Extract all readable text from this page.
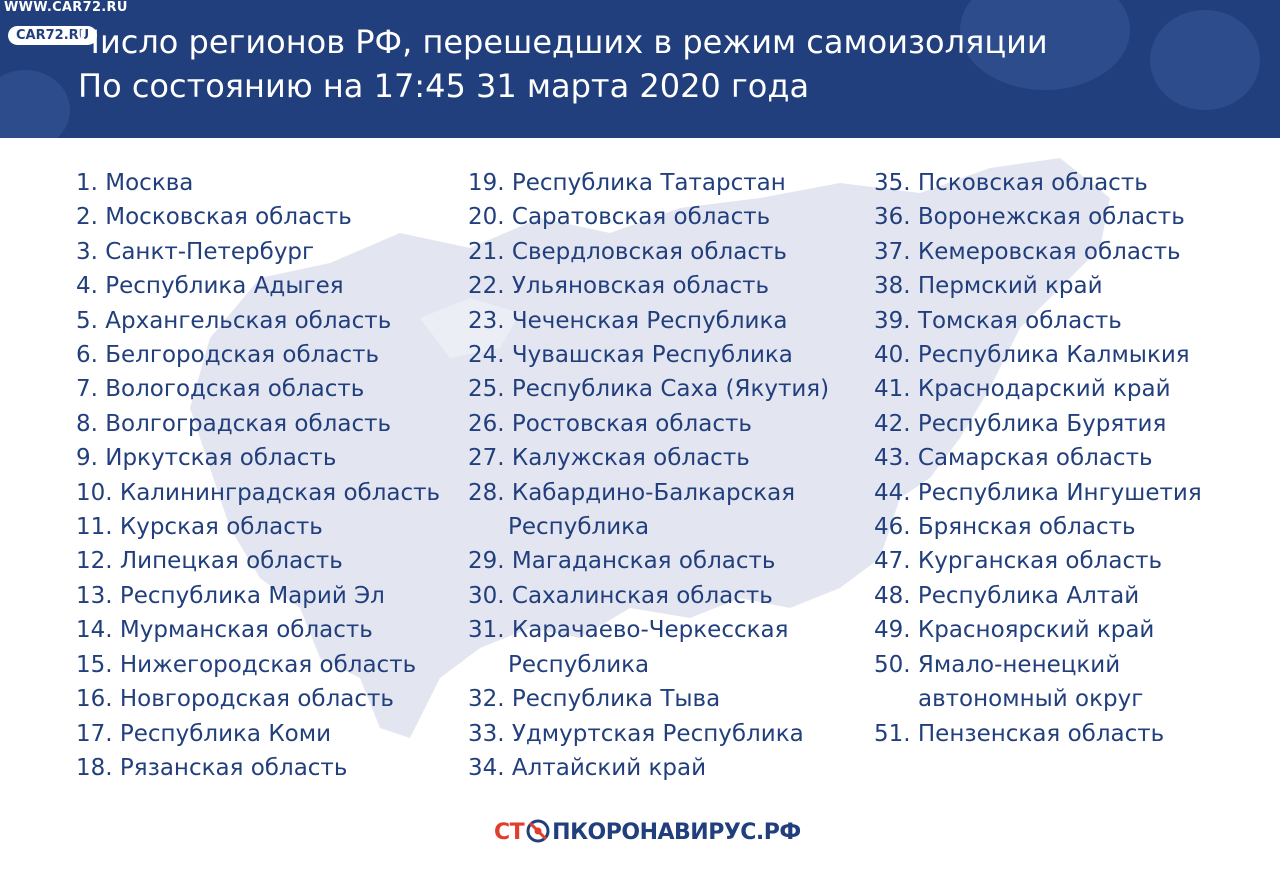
WWW.CAR72.RU
CAR72.RU
Число регионов РФ, перешедших в режим самоизоляции
По состоянию на 17:45 31 марта 2020 года
1. Москва
2. Московская область
3. Санкт-Петербург
4. Республика Адыгея
5. Архангельская область
6. Белгородская область
7. Вологодская область
8. Волгоградская область
9. Иркутская область
10. Калининградская область
11. Курская область
12. Липецкая область
13. Республика Марий Эл
14. Мурманская область
15. Нижегородская область
16. Новгородская область
17. Республика Коми
18. Рязанская область
19. Республика Татарстан
20. Саратовская область
21. Свердловская область
22. Ульяновская область
23. Чеченская Республика
24. Чувашская Республика
25. Республика Саха (Якутия)
26. Ростовская область
27. Калужская область
28. Кабардино-Балкарская
Республика
29. Магаданская область
30. Сахалинская область
31. Карачаево-Черкесская
Республика
32. Республика Тыва
33. Удмуртская Республика
34. Алтайский край
35. Псковская область
36. Воронежская область
37. Кемеровская область
38. Пермский край
39. Томская область
40. Республика Калмыкия
41. Краснодарский край
42. Республика Бурятия
43. Самарская область
44. Республика Ингушетия
46. Брянская область
47. Курганская область
48. Республика Алтай
49. Красноярский край
50. Ямало-ненецкий
автономный округ
51. Пензенская область
СТ ПКОРОНАВИРУС.РФ
